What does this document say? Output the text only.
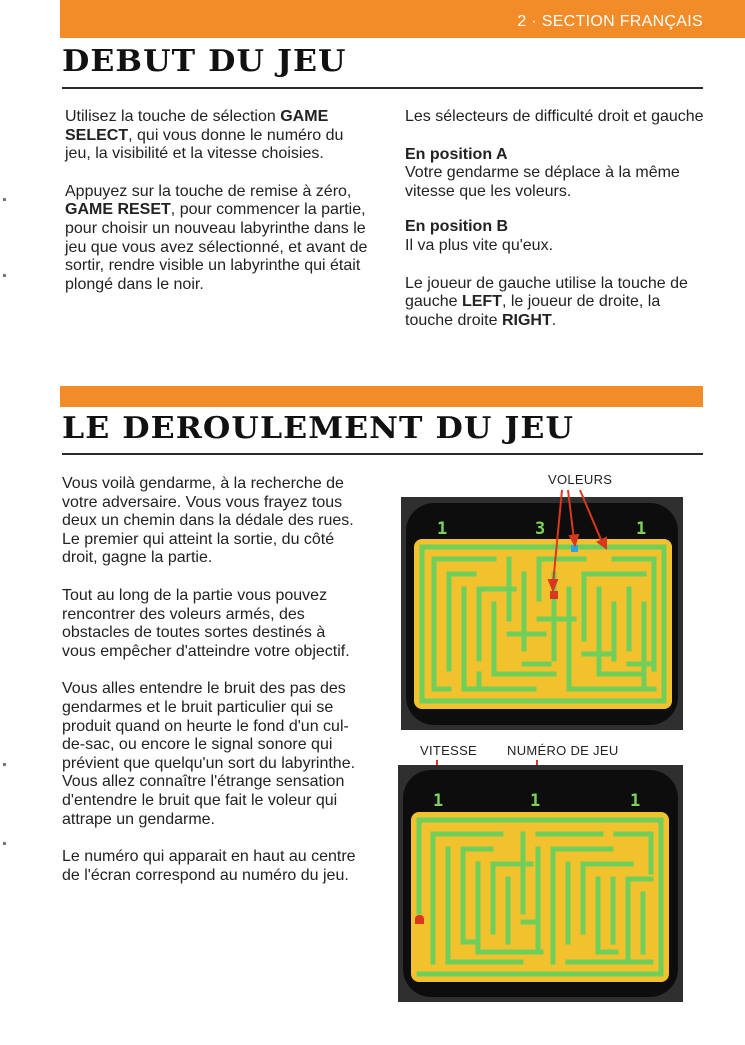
2 · SECTION FRANÇAIS
DEBUT DU JEU

Utilisez la touche de sélection GAME SELECT, qui vous donne le numéro du jeu, la visibilité et la vitesse choisies.

Appuyez sur la touche de remise à zéro, GAME RESET, pour commencer la partie, pour choisir un nouveau labyrinthe dans le jeu que vous avez sélectionné, et avant de sortir, rendre visible un labyrinthe qui était plongé dans le noir.

Les sélecteurs de difficulté droit et gauche

En position A
Votre gendarme se déplace à la même vitesse que les voleurs.

En position B
Il va plus vite qu'eux.

Le joueur de gauche utilise la touche de gauche LEFT, le joueur de droite, la touche droite RIGHT.

LE DEROULEMENT DU JEU

Vous voilà gendarme, à la recherche de votre adversaire. Vous vous frayez tous deux un chemin dans la dédale des rues. Le premier qui atteint la sortie, du côté droit, gagne la partie.

Tout au long de la partie vous pouvez rencontrer des voleurs armés, des obstacles de toutes sortes destinés à vous empêcher d'atteindre votre objectif.

Vous alles entendre le bruit des pas des gendarmes et le bruit particulier qui se produit quand on heurte le fond d'un cul-de-sac, ou encore le signal sonore qui prévient que quelqu'un sort du labyrinthe. Vous allez connaître l'étrange sensation d'entendre le bruit que fait le voleur qui attrape un gendarme.

Le numéro qui apparait en haut au centre de l'écran correspond au numéro du jeu.

VOLEURS
1	3	1
VITESSE NUMÉRO DE JEU
1	1	1
